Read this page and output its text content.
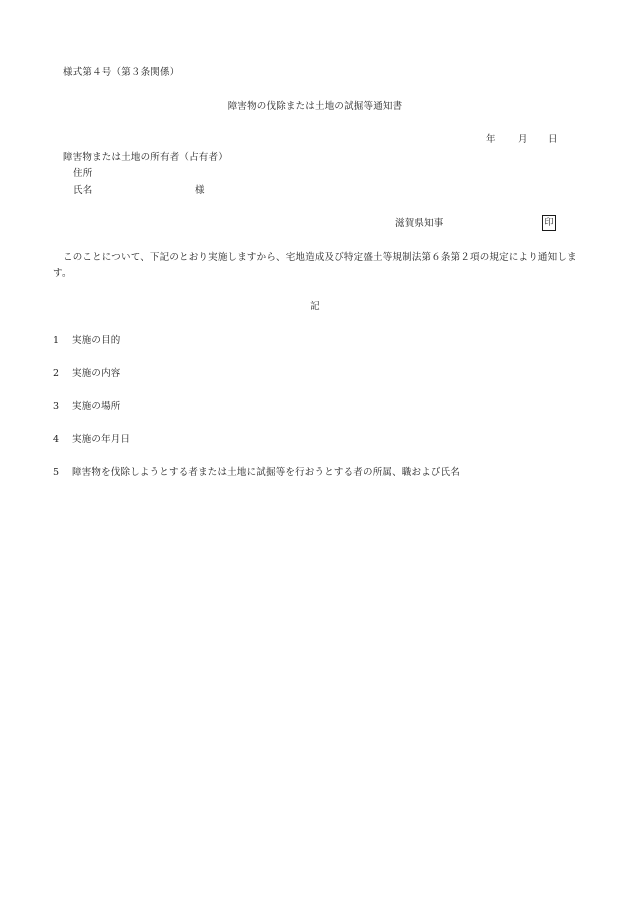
様式第４号（第３条関係）
障害物の伐除または土地の試掘等通知書
年 月 日
障害物または土地の所有者（占有者）
住所
氏名	様
滋賀県知事	印
このことについて、下記のとおり実施しますから、宅地造成及び特定盛土等規制法第６条第２項の規定により通知します。
記
1 実施の目的
2 実施の内容
3 実施の場所
4 実施の年月日
5 障害物を伐除しようとする者または土地に試掘等を行おうとする者の所属、職および氏名
